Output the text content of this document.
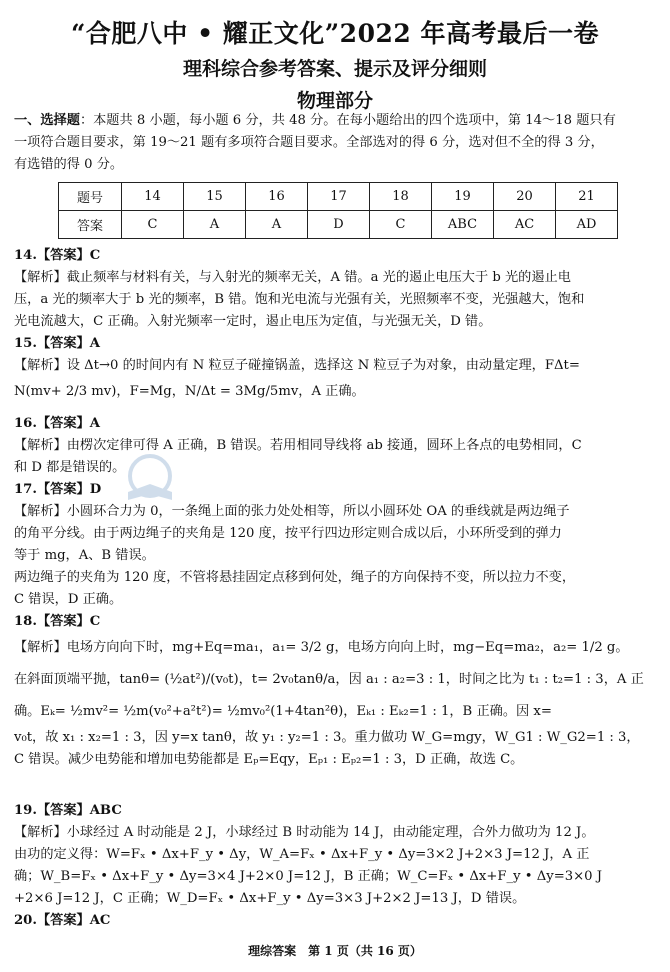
“合肥八中 • 耀正文化”2022 年高考最后一卷
理科综合参考答案、提示及评分细则
物理部分
一、选择题：本题共 8 小题，每小题 6 分，共 48 分。在每小题给出的四个选项中，第 14～18 题只有
一项符合题目要求，第 19～21 题有多项符合题目要求。全部选对的得 6 分，选对但不全的得 3 分，
有选错的得 0 分。
题号	14	15	16	17	18	19	20	21
答案	C	A	A	D	C	ABC	AC	AD
14.【答案】C
【解析】截止频率与材料有关，与入射光的频率无关，A 错。a 光的遏止电压大于 b 光的遏止电
压，a 光的频率大于 b 光的频率，B 错。饱和光电流与光强有关，光照频率不变，光强越大，饱和
光电流越大，C 正确。入射光频率一定时，遏止电压为定值，与光强无关，D 错。
15.【答案】A
【解析】设 Δt→0 的时间内有 N 粒豆子碰撞锅盖，选择这 N 粒豆子为对象，由动量定理，FΔt=
N(mv+ 2/3 mv)，F=Mg，N/Δt = 3Mg/5mv，A 正确。
16.【答案】A
【解析】由楞次定律可得 A 正确，B 错误。若用相同导线将 ab 接通，圆环上各点的电势相同，C
和 D 都是错误的。
17.【答案】D
【解析】小圆环合力为 0，一条绳上面的张力处处相等，所以小圆环处 OA 的垂线就是两边绳子
的角平分线。由于两边绳子的夹角是 120 度，按平行四边形定则合成以后，小环所受到的弹力
等于 mg，A、B 错误。
两边绳子的夹角为 120 度，不管将悬挂固定点移到何处，绳子的方向保持不变，所以拉力不变，
C 错误，D 正确。
18.【答案】C
【解析】电场方向向下时，mg+Eq=ma₁，a₁= 3/2 g，电场方向向上时，mg−Eq=ma₂，a₂= 1/2 g。
在斜面顶端平抛，tanθ= (½at²)/(v₀t)，t= 2v₀tanθ/a，因 a₁ : a₂=3 : 1，时间之比为 t₁ : t₂=1 : 3，A 正
确。Eₖ= ½mv²= ½m(v₀²+a²t²)= ½mv₀²(1+4tan²θ)，Eₖ₁ : Eₖ₂=1 : 1，B 正确。因 x=
v₀t，故 x₁ : x₂=1 : 3，因 y=x tanθ，故 y₁ : y₂=1 : 3。重力做功 W_G=mgy，W_G1 : W_G2=1 : 3，
C 错误。减少电势能和增加电势能都是 Eₚ=Eqy，Eₚ₁ : Eₚ₂=1 : 3，D 正确，故选 C。
19.【答案】ABC
【解析】小球经过 A 时动能是 2 J，小球经过 B 时动能为 14 J，由动能定理，合外力做功为 12 J。
由功的定义得：W=Fₓ • Δx+F_y • Δy，W_A=Fₓ • Δx+F_y • Δy=3×2 J+2×3 J=12 J，A 正
确；W_B=Fₓ • Δx+F_y • Δy=3×4 J+2×0 J=12 J，B 正确；W_C=Fₓ • Δx+F_y • Δy=3×0 J
+2×6 J=12 J，C 正确；W_D=Fₓ • Δx+F_y • Δy=3×3 J+2×2 J=13 J，D 错误。
20.【答案】AC
理综答案　第 1 页（共 16 页）
